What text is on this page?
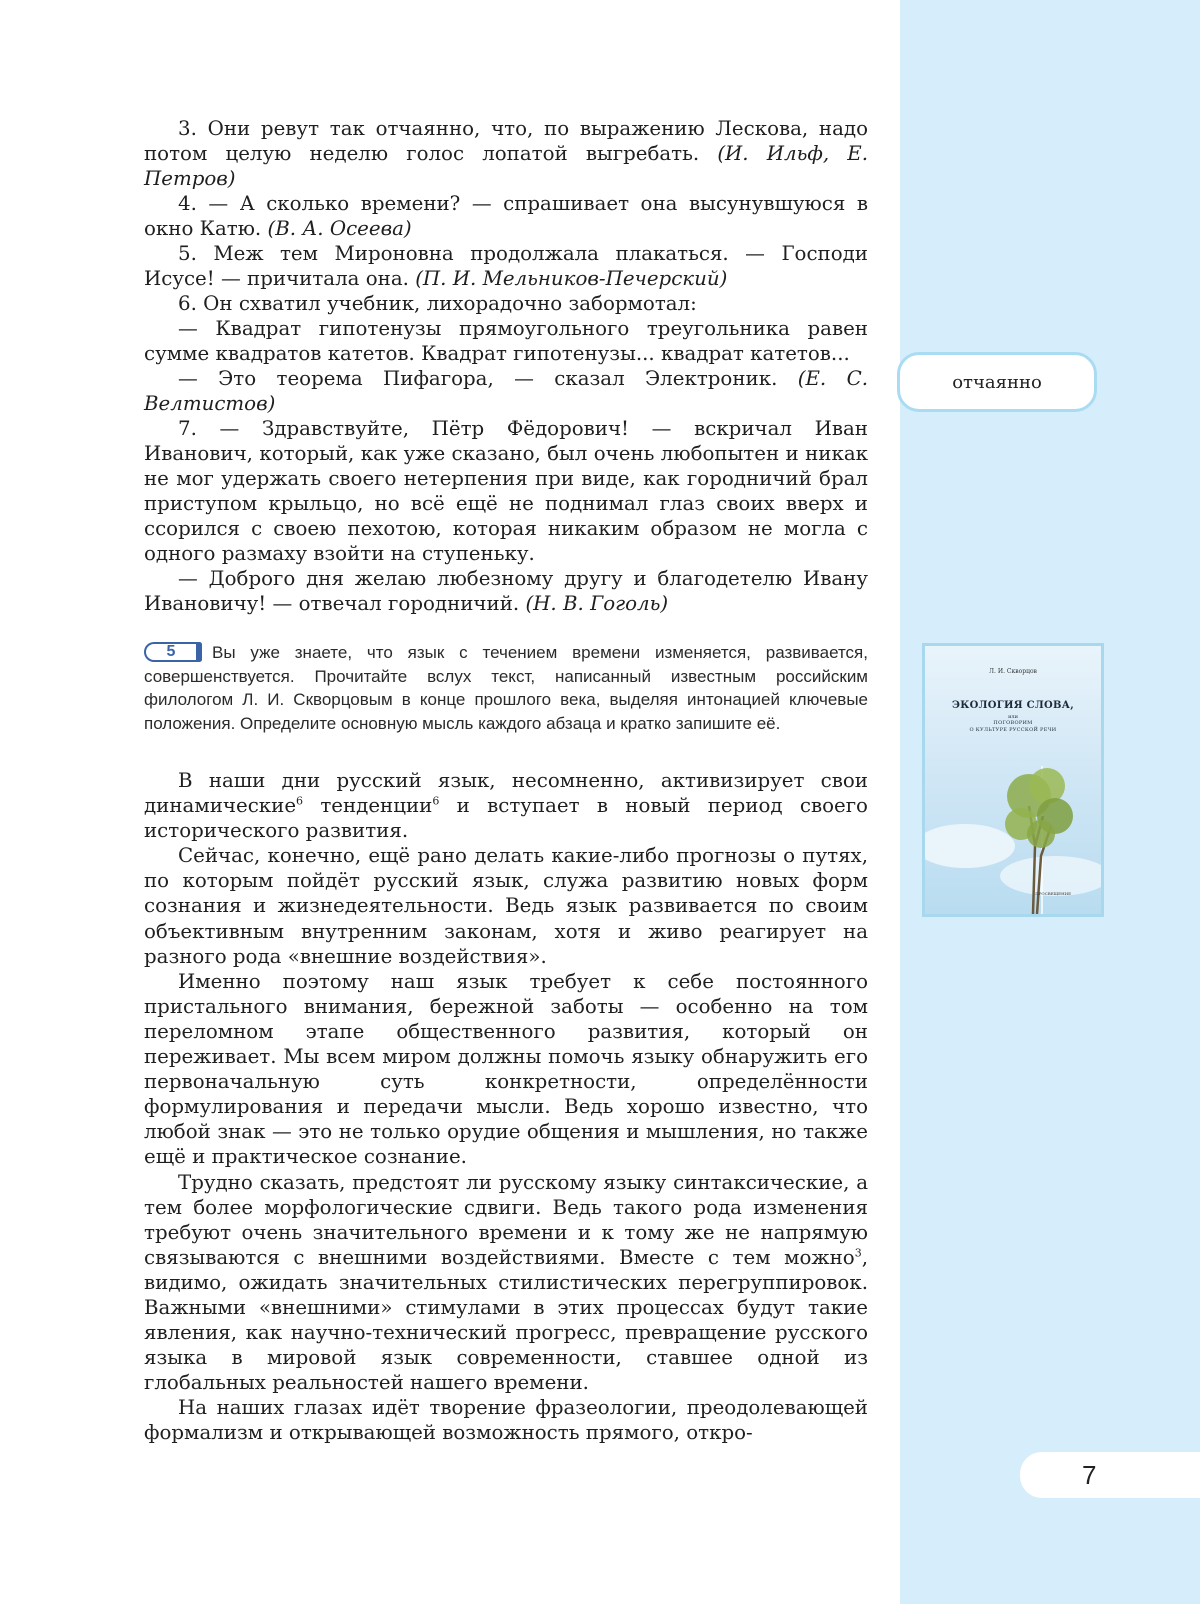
отчаянно
Л. И. Скворцов
ЭКОЛОГИЯ СЛОВА,
или
ПОГОВОРИМ
О КУЛЬТУРЕ РУССКОЙ РЕЧИ
ПРОСВЕЩЕНИЕ
7

3. Они ревут так отчаянно, что, по выражению Лескова, надо потом целую неделю голос лопатой выгребать. (И. Ильф, Е. Петров)

4. — А сколько времени? — спрашивает она высунувшуюся в окно Катю. (В. А. Осеева)

5. Меж тем Мироновна продолжала плакаться. — Господи Исусе! — причитала она. (П. И. Мельников-Печерский)

6. Он схватил учебник, лихорадочно забормотал:

— Квадрат гипотенузы прямоугольного треугольника равен сумме квадратов катетов. Квадрат гипотенузы... квадрат катетов...

— Это теорема Пифагора, — сказал Электроник. (Е. С. Велтистов)

7. — Здравствуйте, Пётр Фёдорович! — вскричал Иван Иванович, который, как уже сказано, был очень любопытен и никак не мог удержать своего нетерпения при виде, как городничий брал приступом крыльцо, но всё ещё не поднимал глаз своих вверх и ссорился с своею пехотою, которая никаким образом не могла с одного размаху взойти на ступеньку.

— Доброго дня желаю любезному другу и благодетелю Ивану Ивановичу! — отвечал городничий. (Н. В. Гоголь)

5 Вы уже знаете, что язык с течением времени изменяется, развивается, совершенствуется. Прочитайте вслух текст, написанный известным российским филологом Л. И. Скворцовым в конце прошлого века, выделяя интонацией ключевые положения. Определите основную мысль каждого абзаца и кратко запишите её.

В наши дни русский язык, несомненно, активизирует свои динамические$^6$ тенденции$^6$ и вступает в новый период своего исторического развития.

Сейчас, конечно, ещё рано делать какие-либо прогнозы о путях, по которым пойдёт русский язык, служа развитию новых форм сознания и жизнедеятельности. Ведь язык развивается по своим объективным внутренним законам, хотя и живо реагирует на разного рода «внешние воздействия».

Именно поэтому наш язык требует к себе постоянного пристального внимания, бережной заботы — особенно на том переломном этапе общественного развития, который он переживает. Мы всем миром должны помочь языку обнаружить его первоначальную суть конкретности, определённости формулирования и передачи мысли. Ведь хорошо известно, что любой знак — это не только орудие общения и мышления, но также ещё и практическое сознание.

Трудно сказать, предстоят ли русскому языку синтаксические, а тем более морфологические сдвиги. Ведь такого рода изменения требуют очень значительного времени и к тому же не напрямую связываются с внешними воздействиями. Вместе с тем можно$^3$, видимо, ожидать значительных стилистических перегруппировок. Важными «внешними» стимулами в этих процессах будут такие явления, как научно-технический прогресс, превращение русского языка в мировой язык современности, ставшее одной из глобальных реальностей нашего времени.

На наших глазах идёт творение фразеологии, преодолевающей формализм и открывающей возможность прямого, откро-
